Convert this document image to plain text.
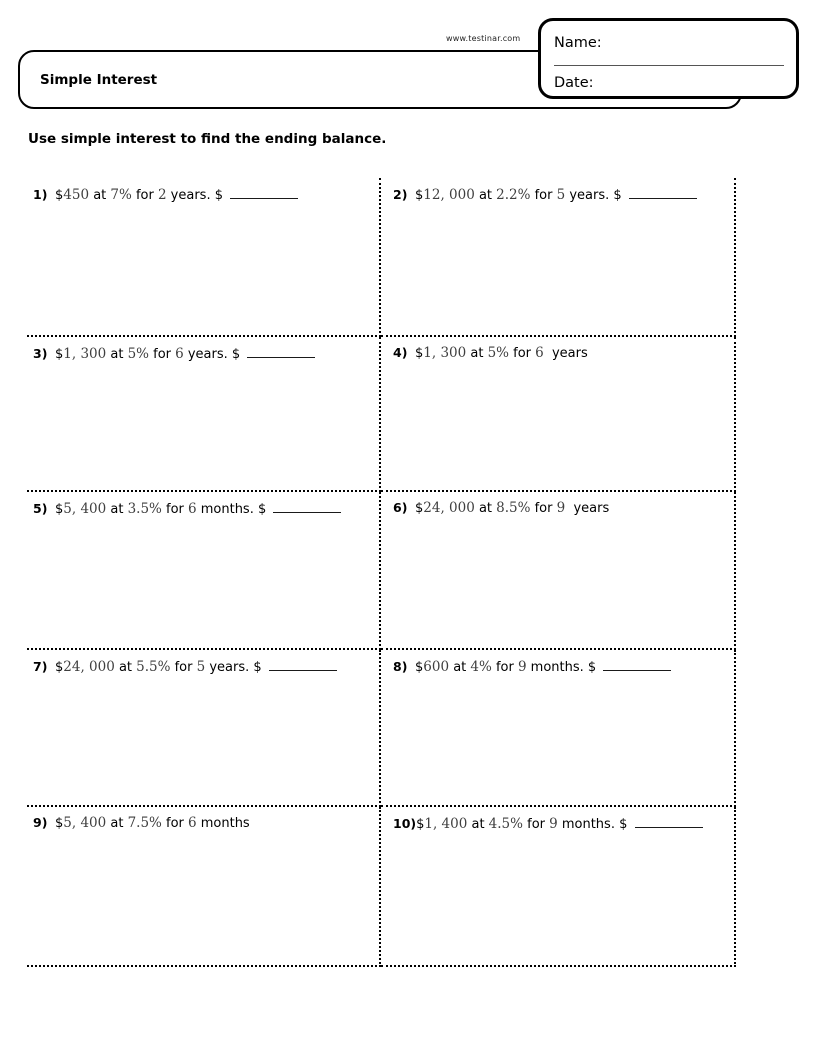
www.testinar.com
Simple Interest
Name:
Date:
Use simple interest to find the ending balance.
1) $450 at 7% for 2 years. $	2) $12, 000 at 2.2% for 5 years. $
3) $1, 300 at 5% for 6 years. $	4) $1, 300 at 5% for 6  years
5) $5, 400 at 3.5% for 6 months. $	6) $24, 000 at 8.5% for 9  years
7) $24, 000 at 5.5% for 5 years. $	8) $600 at 4% for 9 months. $
9) $5, 400 at 7.5% for 6 months	10)$1, 400 at 4.5% for 9 months. $
